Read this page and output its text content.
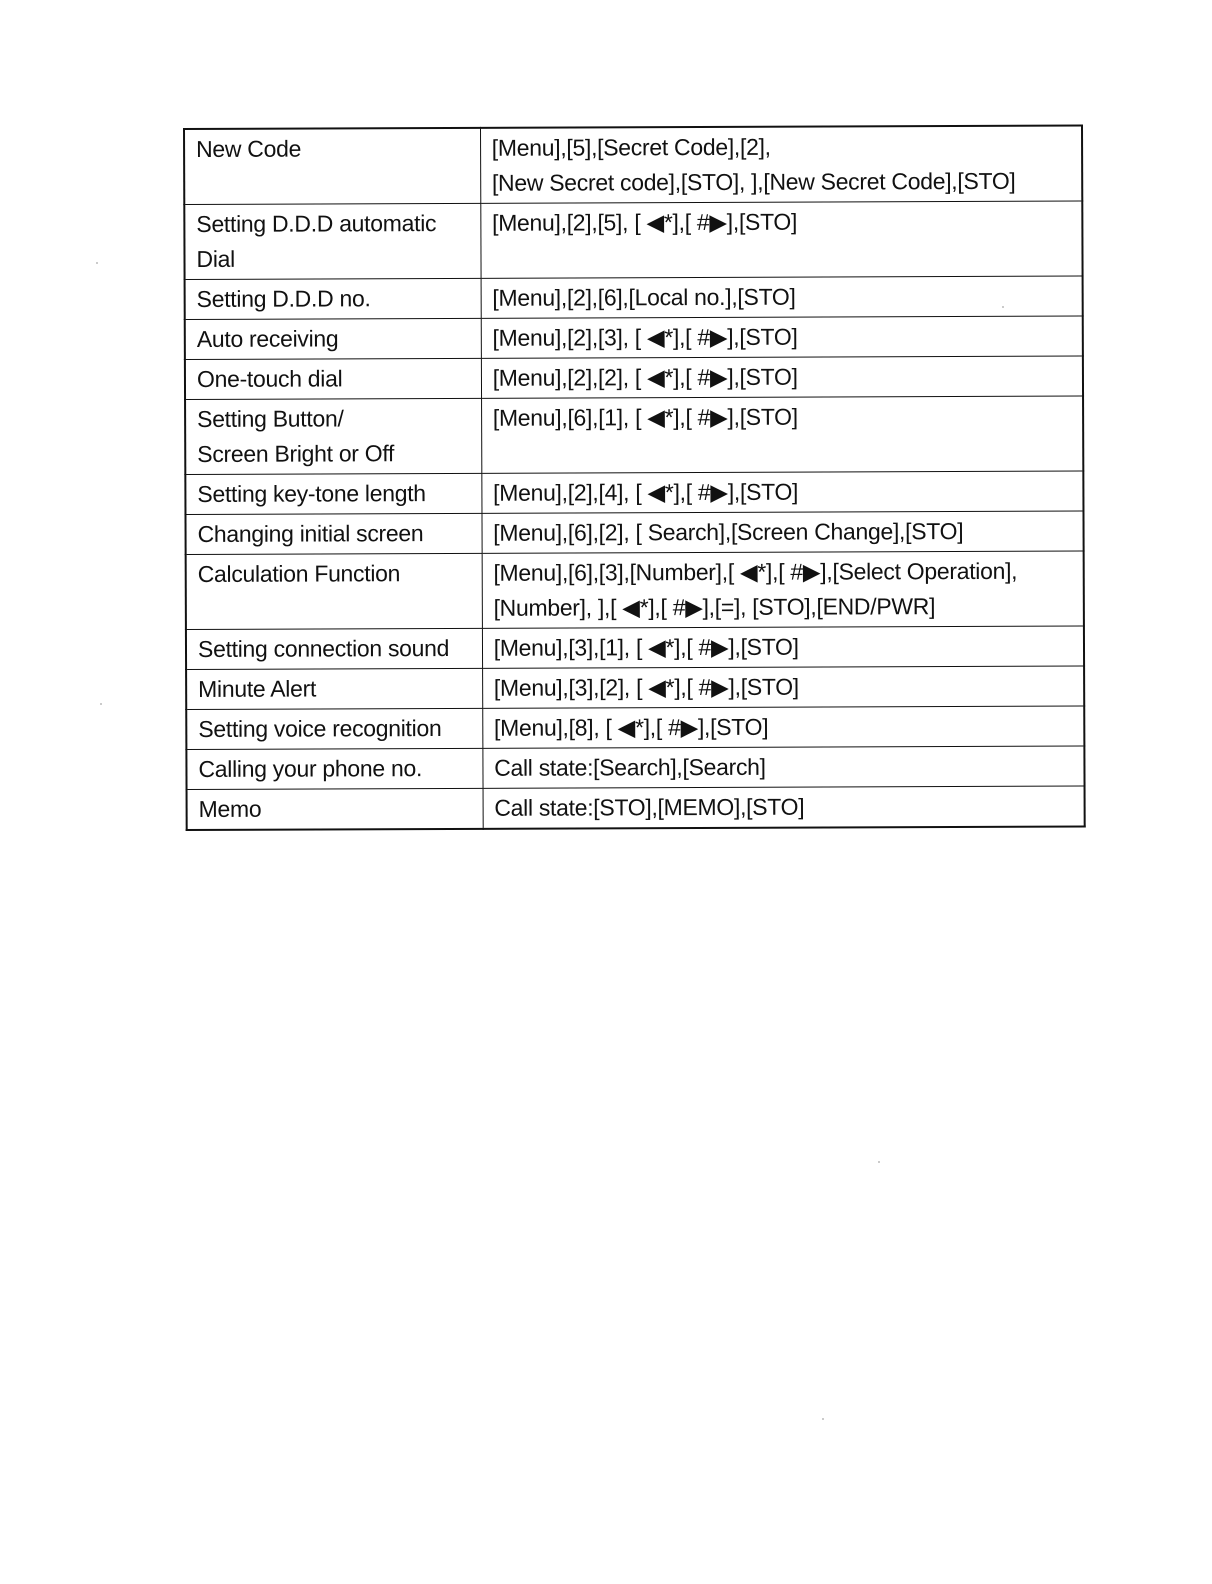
New Code	[Menu],[5],[Secret Code],[2],
[New Secret code],[STO], ],[New Secret Code],[STO]

Setting D.D.D automatic
Dial	[Menu],[2],[5], [ ◀*],[ #▶],[STO]

Setting D.D.D no.	[Menu],[2],[6],[Local no.],[STO]

Auto receiving	[Menu],[2],[3], [ ◀*],[ #▶],[STO]

One-touch dial	[Menu],[2],[2], [ ◀*],[ #▶],[STO]

Setting Button/
Screen Bright or Off	[Menu],[6],[1], [ ◀*],[ #▶],[STO]

Setting key-tone length	[Menu],[2],[4], [ ◀*],[ #▶],[STO]

Changing initial screen	[Menu],[6],[2], [ Search],[Screen Change],[STO]

Calculation Function	[Menu],[6],[3],[Number],[ ◀*],[ #▶],[Select Operation],
[Number], ],[ ◀*],[ #▶],[=], [STO],[END/PWR]

Setting connection sound	[Menu],[3],[1], [ ◀*],[ #▶],[STO]

Minute Alert	[Menu],[3],[2], [ ◀*],[ #▶],[STO]

Setting voice recognition	[Menu],[8], [ ◀*],[ #▶],[STO]

Calling your phone no.	Call state:[Search],[Search]

Memo	Call state:[STO],[MEMO],[STO]
